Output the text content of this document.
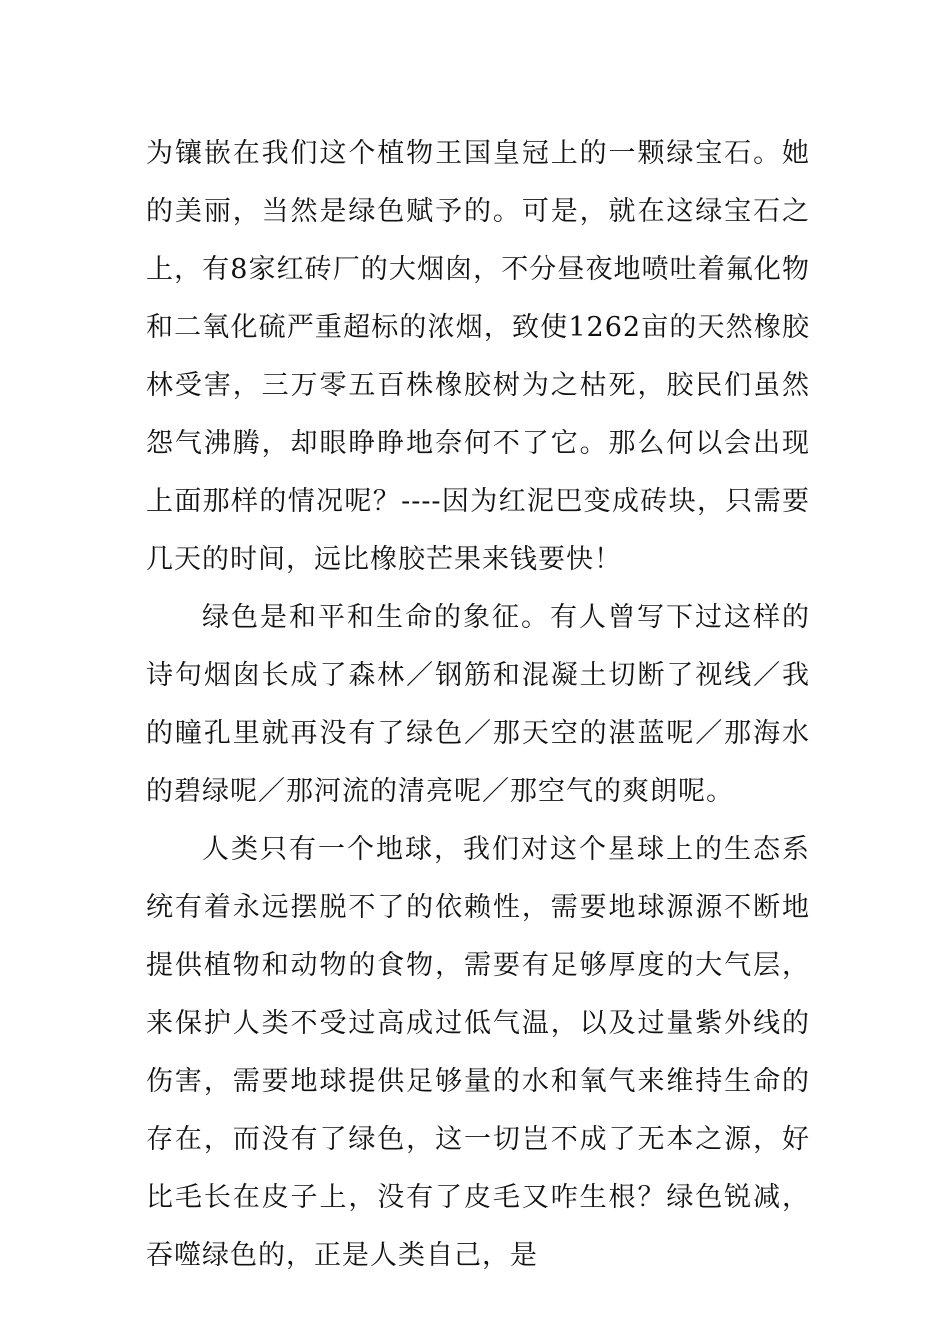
为镶嵌在我们这个植物王国皇冠上的一颗绿宝石。她的美丽，当然是绿色赋予的。可是，就在这绿宝石之上，有8家红砖厂的大烟囱，不分昼夜地喷吐着氟化物和二氧化硫严重超标的浓烟，致使1262亩的天然橡胶林受害，三万零五百株橡胶树为之枯死，胶民们虽然怨气沸腾，却眼睁睁地奈何不了它。那么何以会出现上面那样的情况呢？----因为红泥巴变成砖块，只需要几天的时间，远比橡胶芒果来钱要快！

绿色是和平和生命的象征。有人曾写下过这样的诗句烟囱长成了森林／钢筋和混凝土切断了视线／我的瞳孔里就再没有了绿色／那天空的湛蓝呢／那海水的碧绿呢／那河流的清亮呢／那空气的爽朗呢。

人类只有一个地球，我们对这个星球上的生态系统有着永远摆脱不了的依赖性，需要地球源源不断地提供植物和动物的食物，需要有足够厚度的大气层，来保护人类不受过高成过低气温，以及过量紫外线的伤害，需要地球提供足够量的水和氧气来维持生命的存在，而没有了绿色，这一切岂不成了无本之源，好比毛长在皮子上，没有了皮毛又咋生根？绿色锐减，吞噬绿色的，正是人类自己，是
